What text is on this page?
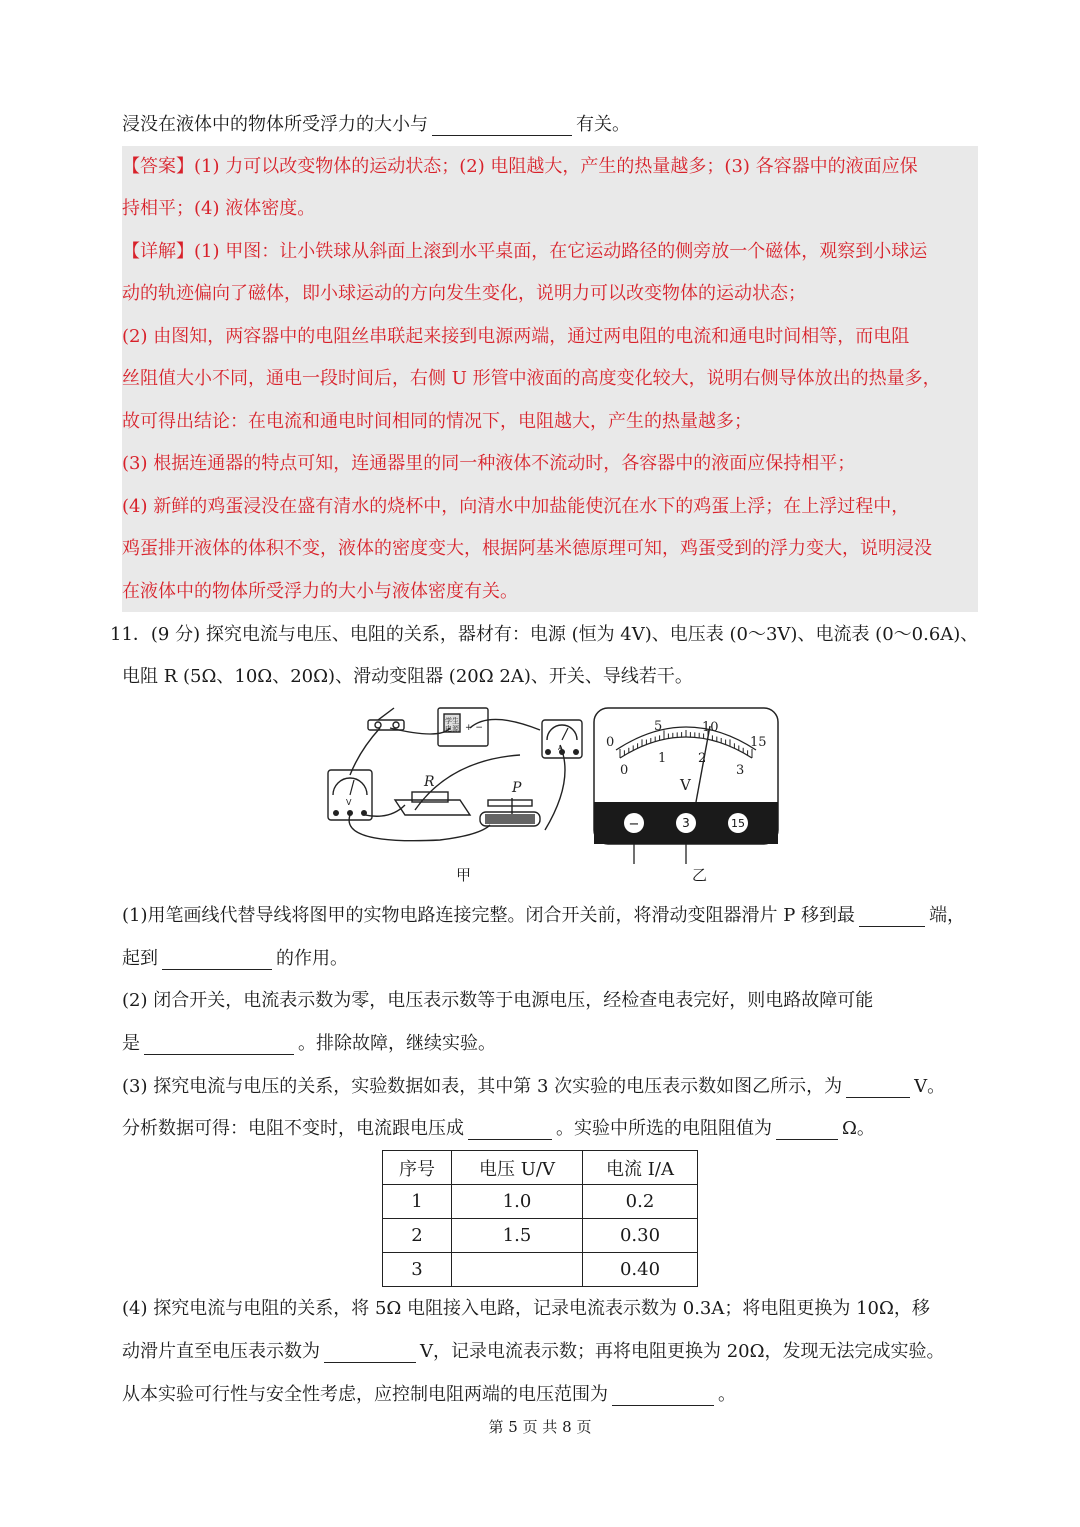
浸没在液体中的物体所受浮力的大小与	有关。
【答案】(1) 力可以改变物体的运动状态；(2) 电阻越大，产生的热量越多；(3) 各容器中的液面应保
持相平；(4) 液体密度。
【详解】(1) 甲图：让小铁球从斜面上滚到水平桌面，在它运动路径的侧旁放一个磁体，观察到小球运
动的轨迹偏向了磁体，即小球运动的方向发生变化，说明力可以改变物体的运动状态；
(2) 由图知，两容器中的电阻丝串联起来接到电源两端，通过两电阻的电流和通电时间相等，而电阻
丝阻值大小不同，通电一段时间后，右侧 U 形管中液面的高度变化较大，说明右侧导体放出的热量多，
故可得出结论：在电流和通电时间相同的情况下，电阻越大，产生的热量越多；
(3) 根据连通器的特点可知，连通器里的同一种液体不流动时，各容器中的液面应保持相平；
(4) 新鲜的鸡蛋浸没在盛有清水的烧杯中，向清水中加盐能使沉在水下的鸡蛋上浮；在上浮过程中，
鸡蛋排开液体的体积不变，液体的密度变大，根据阿基米德原理可知，鸡蛋受到的浮力变大，说明浸没
在液体中的物体所受浮力的大小与液体密度有关。
11．(9 分) 探究电流与电压、电阻的关系，器材有：电源 (恒为 4V)、电压表 (0～3V)、电流表 (0～0.6A)、
电阻 R (5Ω、10Ω、20Ω)、滑动变阻器 (20Ω 2A)、开关、导线若干。
学生
电源 + −
R	P
V
A
甲
0
5	10
15
0
1 2
3
V
−	3	15
乙
(1)用笔画线代替导线将图甲的实物电路连接完整。闭合开关前，将滑动变阻器滑片 P 移到最	端，
起到	的作用。
(2) 闭合开关，电流表示数为零，电压表示数等于电源电压，经检查电表完好，则电路故障可能
是	。排除故障，继续实验。
(3) 探究电流与电压的关系，实验数据如表，其中第 3 次实验的电压表示数如图乙所示，为	V。
分析数据可得：电阻不变时，电流跟电压成	。实验中所选的电阻阻值为	Ω。
序号	电压 U/V	电流 I/A
1	1.0	0.2
2	1.5	0.30
3		0.40
(4) 探究电流与电阻的关系，将 5Ω 电阻接入电路，记录电流表示数为 0.3A；将电阻更换为 10Ω，移
动滑片直至电压表示数为	V，记录电流表示数；再将电阻更换为 20Ω，发现无法完成实验。
从本实验可行性与安全性考虑，应控制电阻两端的电压范围为	。
第 5 页 共 8 页
